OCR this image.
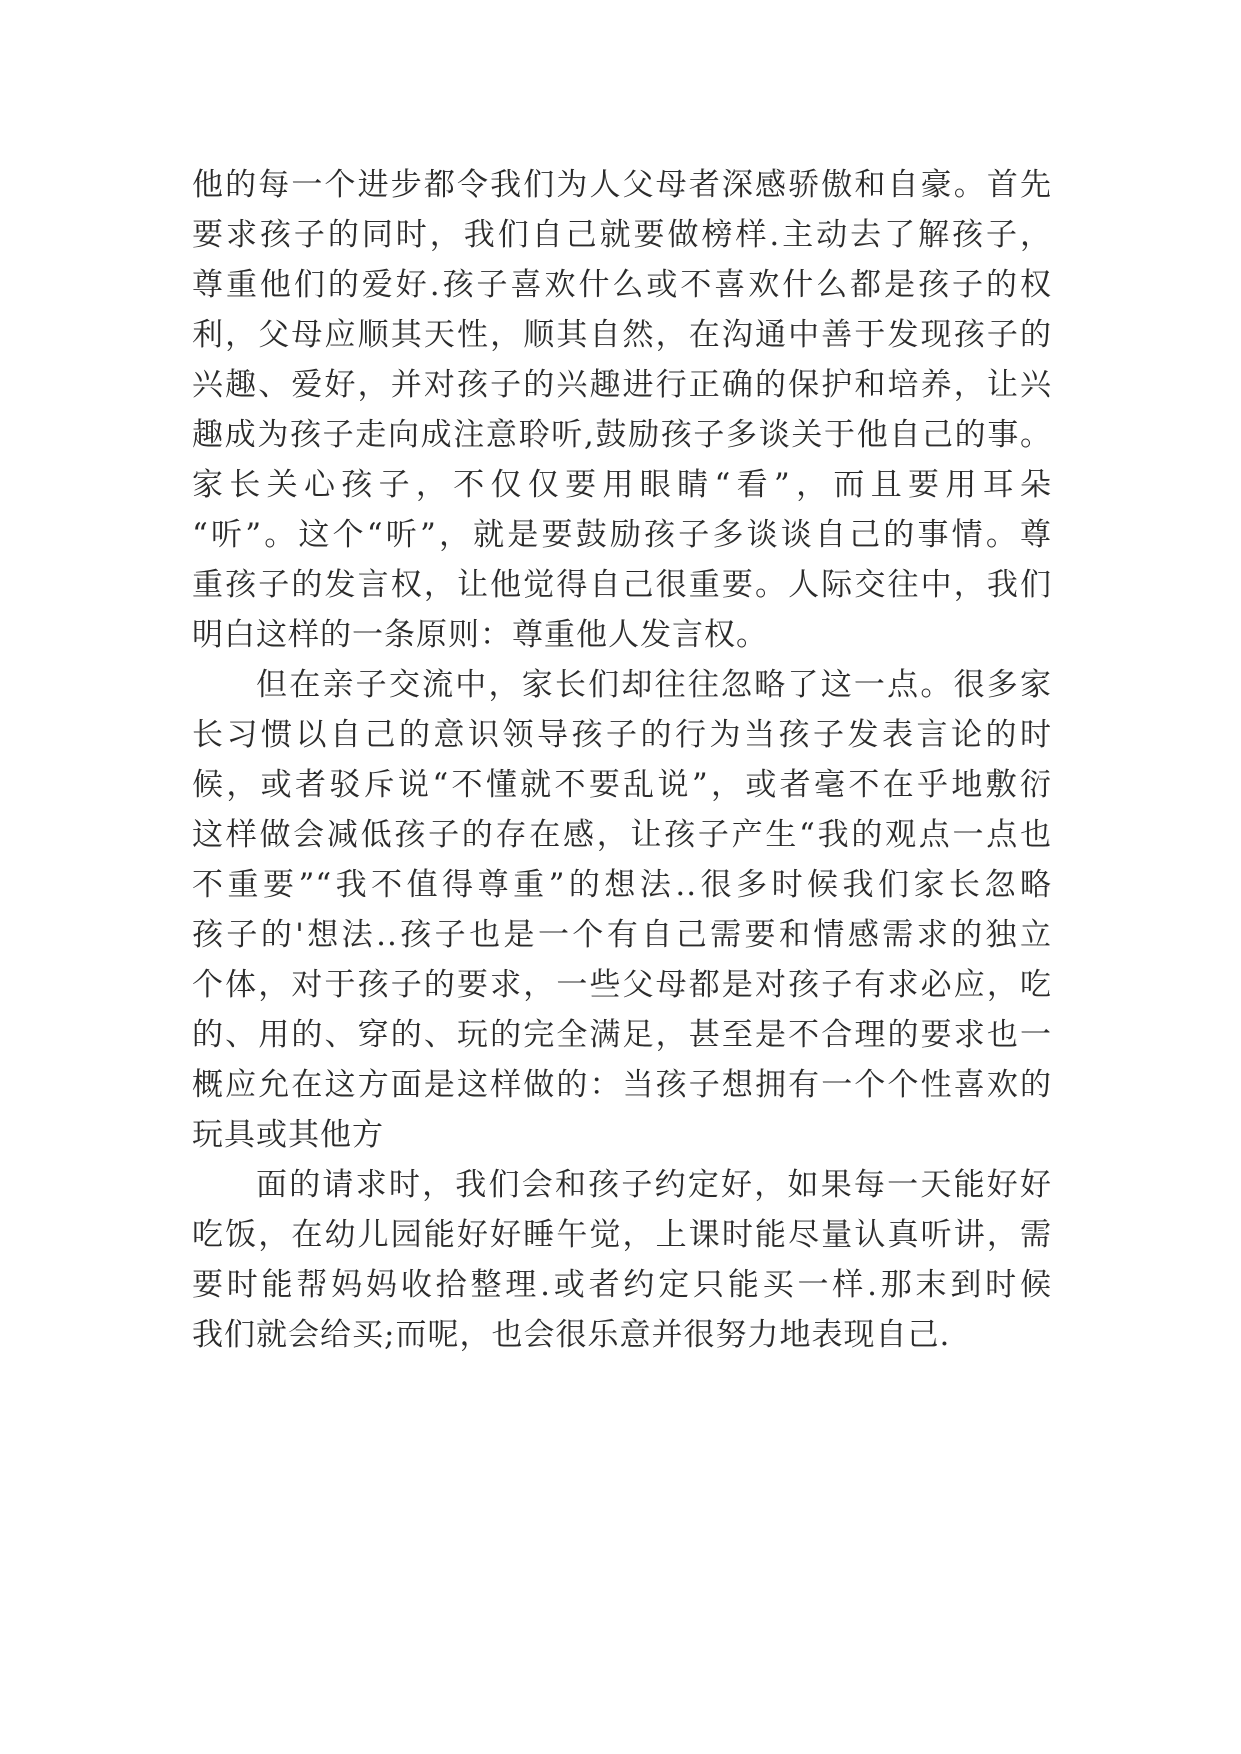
他的每一个进步都令我们为人父母者深感骄傲和自豪。首先
要求孩子的同时，我们自己就要做榜样.主动去了解孩子，
尊重他们的爱好.孩子喜欢什么或不喜欢什么都是孩子的权
利，父母应顺其天性，顺其自然，在沟通中善于发现孩子的
兴趣、爱好，并对孩子的兴趣进行正确的保护和培养，让兴
趣成为孩子走向成注意聆听,鼓励孩子多谈关于他自己的事。
家长关心孩子，不仅仅要用眼睛“看”，而且要用耳朵
“听”。这个“听”，就是要鼓励孩子多谈谈自己的事情。尊
重孩子的发言权，让他觉得自己很重要。人际交往中，我们
明白这样的一条原则：尊重他人发言权。
但在亲子交流中，家长们却往往忽略了这一点。很多家
长习惯以自己的意识领导孩子的行为当孩子发表言论的时
候，或者驳斥说“不懂就不要乱说”，或者毫不在乎地敷衍
这样做会减低孩子的存在感，让孩子产生“我的观点一点也
不重要”“我不值得尊重”的想法..很多时候我们家长忽略
孩子的'想法..孩子也是一个有自己需要和情感需求的独立
个体，对于孩子的要求，一些父母都是对孩子有求必应，吃
的、用的、穿的、玩的完全满足，甚至是不合理的要求也一
概应允在这方面是这样做的：当孩子想拥有一个个性喜欢的
玩具或其他方
面的请求时，我们会和孩子约定好，如果每一天能好好
吃饭，在幼儿园能好好睡午觉，上课时能尽量认真听讲，需
要时能帮妈妈收拾整理.或者约定只能买一样.那末到时候
我们就会给买;而呢，也会很乐意并很努力地表现自己.
